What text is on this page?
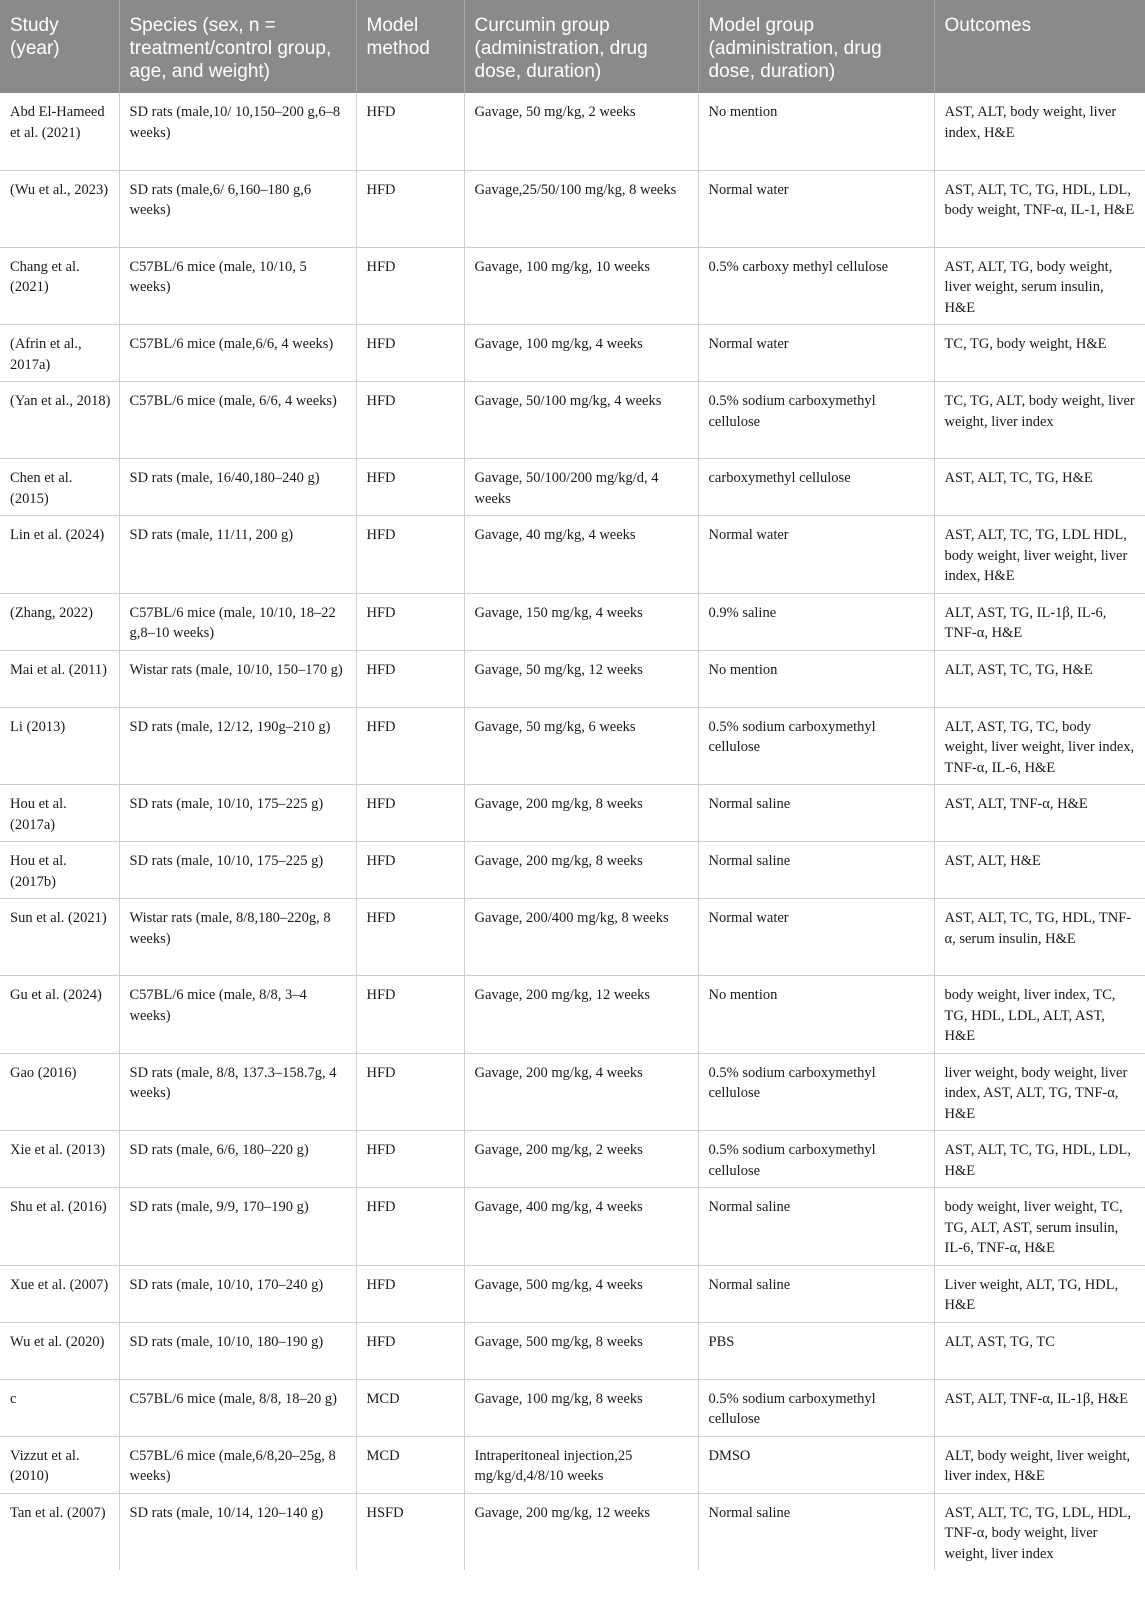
Study (year)	Species (sex, n = treatment/control group, age, and weight)	Model method	Curcumin group (administration, drug dose, duration)	Model group (administration, drug dose, duration)	Outcomes
Abd El-Hameed et al. (2021)	SD rats (male,10/ 10,150–200 g,6–8 weeks)	HFD	Gavage, 50 mg/kg, 2 weeks	No mention	AST, ALT, body weight, liver index, H&E
(Wu et al., 2023)	SD rats (male,6/ 6,160–180 g,6 weeks)	HFD	Gavage,25/50/100 mg/kg, 8 weeks	Normal water	AST, ALT, TC, TG, HDL, LDL, body weight, TNF-α, IL-1, H&E
Chang et al. (2021)	C57BL/6 mice (male, 10/10, 5 weeks)	HFD	Gavage, 100 mg/kg, 10 weeks	0.5% carboxy methyl cellulose	AST, ALT, TG, body weight, liver weight, serum insulin, H&E
(Afrin et al., 2017a)	C57BL/6 mice (male,6/6, 4 weeks)	HFD	Gavage, 100 mg/kg, 4 weeks	Normal water	TC, TG, body weight, H&E
(Yan et al., 2018)	C57BL/6 mice (male, 6/6, 4 weeks)	HFD	Gavage, 50/100 mg/kg, 4 weeks	0.5% sodium carboxymethyl cellulose	TC, TG, ALT, body weight, liver weight, liver index
Chen et al. (2015)	SD rats (male, 16/40,180–240 g)	HFD	Gavage, 50/100/200 mg/kg/d, 4 weeks	carboxymethyl cellulose	AST, ALT, TC, TG, H&E
Lin et al. (2024)	SD rats (male, 11/11, 200 g)	HFD	Gavage, 40 mg/kg, 4 weeks	Normal water	AST, ALT, TC, TG, LDL HDL, body weight, liver weight, liver index, H&E
(Zhang, 2022)	C57BL/6 mice (male, 10/10, 18–22 g,8–10 weeks)	HFD	Gavage, 150 mg/kg, 4 weeks	0.9% saline	ALT, AST, TG, IL-1β, IL-6, TNF-α, H&E
Mai et al. (2011)	Wistar rats (male, 10/10, 150–170 g)	HFD	Gavage, 50 mg/kg, 12 weeks	No mention	ALT, AST, TC, TG, H&E
Li (2013)	SD rats (male, 12/12, 190g–210 g)	HFD	Gavage, 50 mg/kg, 6 weeks	0.5% sodium carboxymethyl cellulose	ALT, AST, TG, TC, body weight, liver weight, liver index, TNF-α, IL-6, H&E
Hou et al. (2017a)	SD rats (male, 10/10, 175–225 g)	HFD	Gavage, 200 mg/kg, 8 weeks	Normal saline	AST, ALT, TNF-α, H&E
Hou et al. (2017b)	SD rats (male, 10/10, 175–225 g)	HFD	Gavage, 200 mg/kg, 8 weeks	Normal saline	AST, ALT, H&E
Sun et al. (2021)	Wistar rats (male, 8/8,180–220g, 8 weeks)	HFD	Gavage, 200/400 mg/kg, 8 weeks	Normal water	AST, ALT, TC, TG, HDL, TNF-α, serum insulin, H&E
Gu et al. (2024)	C57BL/6 mice (male, 8/8, 3–4 weeks)	HFD	Gavage, 200 mg/kg, 12 weeks	No mention	body weight, liver index, TC, TG, HDL, LDL, ALT, AST, H&E
Gao (2016)	SD rats (male, 8/8, 137.3–158.7g, 4 weeks)	HFD	Gavage, 200 mg/kg, 4 weeks	0.5% sodium carboxymethyl cellulose	liver weight, body weight, liver index, AST, ALT, TG, TNF-α, H&E
Xie et al. (2013)	SD rats (male, 6/6, 180–220 g)	HFD	Gavage, 200 mg/kg, 2 weeks	0.5% sodium carboxymethyl cellulose	AST, ALT, TC, TG, HDL, LDL, H&E
Shu et al. (2016)	SD rats (male, 9/9, 170–190 g)	HFD	Gavage, 400 mg/kg, 4 weeks	Normal saline	body weight, liver weight, TC, TG, ALT, AST, serum insulin, IL-6, TNF-α, H&E
Xue et al. (2007)	SD rats (male, 10/10, 170–240 g)	HFD	Gavage, 500 mg/kg, 4 weeks	Normal saline	Liver weight, ALT, TG, HDL, H&E
Wu et al. (2020)	SD rats (male, 10/10, 180–190 g)	HFD	Gavage, 500 mg/kg, 8 weeks	PBS	ALT, AST, TG, TC
c	C57BL/6 mice (male, 8/8, 18–20 g)	MCD	Gavage, 100 mg/kg, 8 weeks	0.5% sodium carboxymethyl cellulose	AST, ALT, TNF-α, IL-1β, H&E
Vizzut et al. (2010)	C57BL/6 mice (male,6/8,20–25g, 8 weeks)	MCD	Intraperitoneal injection,25 mg/kg/d,4/8/10 weeks	DMSO	ALT, body weight, liver weight, liver index, H&E
Tan et al. (2007)	SD rats (male, 10/14, 120–140 g)	HSFD	Gavage, 200 mg/kg, 12 weeks	Normal saline	AST, ALT, TC, TG, LDL, HDL, TNF-α, body weight, liver weight, liver index
